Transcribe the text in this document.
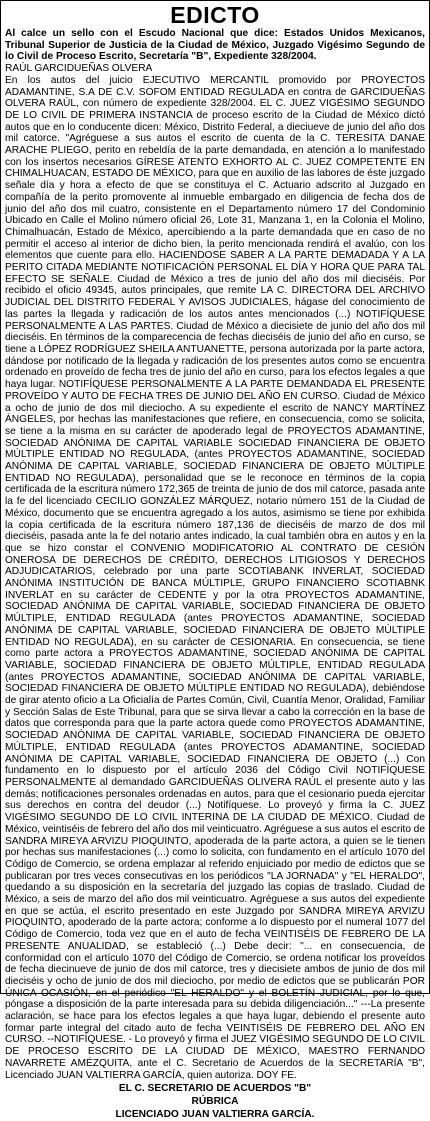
EDICTO

Al calce un sello con el Escudo Nacional que dice: Estados Unidos Mexicanos, Tribunal Superior de Justicia de la Ciudad de México, Juzgado Vigésimo Segundo de lo Civil de Proceso Escrito, Secretaría "B", Expediente 328/2004.

RAÚL GARCIDUEÑAS OLVERA

En los autos del juicio EJECUTIVO MERCANTIL promovido por PROYECTOS ADAMANTINE, S.A DE C.V. SOFOM ENTIDAD REGULADA en contra de GARCIDUEÑAS OLVERA RAÚL, con número de expediente 328/2004. EL C. JUEZ VIGÉSIMO SEGUNDO DE LO CIVIL DE PRIMERA INSTANCIA de proceso escrito de la Ciudad de México dictó autos que en lo conducente dicen: México, Distrito Federal, a dieciueve de junio del año dos mil catorce. "Agréguese a sus autos el escrito de cuenta de la C. TERESITA DANAE ARACHE PLIEGO, perito en rebeldía de la parte demandada, en atención a lo manifestado con los insertos necesarios GÍRESE ATENTO EXHORTO AL C. JUEZ COMPETENTE EN CHIMALHUACAN, ESTADO DE MÉXICO, para que en auxilio de las labores de éste juzgado señale día y hora a efecto de que se constituya el C. Actuario adscrito al Juzgado en compañía de la perito promovente al inmueble embargado en diligencia de fecha dos de junio del año dos mil cuatro, consistente en el Departamento número 17 del Condominio Ubicado en Calle el Molino número oficial 26, Lote 31, Manzana 1, en la Colonia el Molino, Chimalhuacán, Estado de México, apercibiendo a la parte demandada que en caso de no permitir el acceso al interior de dicho bien, la perito mencionada rendirá el avalúo, con los elementos que cuente para ello. HACIENDOSE SABER A LA PARTE DEMADADA Y A LA PERITO CITADA MEDIANTE NOTIFICACIÓN PERSONAL EL DÍA Y HORA QUE PARA TAL EFECTO SE SEÑALE. Ciudad de México a tres de junio del año dos mil dieciséis. Por recibido el oficio 49345, autos principales, que remite LA C. DIRECTORA DEL ARCHIVO JUDICIAL DEL DISTRITO FEDERAL Y AVISOS JUDICIALES, hágase del conocimiento de las partes la llegada y radicación de los autos antes mencionados (...) NOTIFÍQUESE PERSONALMENTE A LAS PARTES. Ciudad de México a diecisiete de junio del año dos mil dieciséis. En términos de la comparecencia de fechas dieciséis de junio del año en curso, se tiene a LÓPEZ RODRÍGUEZ SHEILA ANTUANETTE, persona autorizada por la parte actora, dándose por notificado de la llegada y radicación de los presentes autos como se encuentra ordenado en proveído de fecha tres de junio del año en curso, para los efectos legales a que haya lugar. NOTIFÍQUESE PERSONALMENTE A LA PARTE DEMANDADA EL PRESENTE PROVEÍDO Y AUTO DE FECHA TRES DE JUNIO DEL AÑO EN CURSO. Ciudad de México a ocho de junio de dos mil dieciocho. A su expediente el escrito de NANCY MARTÍNEZ ÁNGELES, por hechas las manifestaciones que refiere, en consecuencia, como se solicita, se tiene a la misma en su carácter de apoderado legal de PROYECTOS ADAMANTINE, SOCIEDAD ANÓNIMA DE CAPITAL VARIABLE SOCIEDAD FINANCIERA DE OBJETO MÚLTIPLE ENTIDAD NO REGULADA, (antes PROYECTOS ADAMANTINE, SOCIEDAD ANÓNIMA DE CAPITAL VARIABLE, SOCIEDAD FINANCIERA DE OBJETO MÚLTIPLE ENTIDAD NO REGULADA), personalidad que se le reconoce en términos de la copia certificada de la escritura número 172,365 de treinta de junio de dos mil catorce, pasada ante la fe del licenciado CECILIO GONZÁLEZ MÁRQUEZ, notario número 151 de la Ciudad de México, documento que se encuentra agregado a los autos, asimismo se tiene por exhibida la copia certificada de la escritura número 187,136 de dieciséis de marzo de dos mil dieciséis, pasada ante la fe del notario antes indicado, la cual también obra en autos y en la que se hizo constar el CONVENIO MODIFICATORIO AL CONTRATO DE CESIÓN ONEROSA DE DERECHOS DE CRÉDITO, DERECHOS LITIGIOSOS Y DERECHOS ADJUDICATARIOS, celebrado por una parte SCOTIABANK INVERLAT, SOCIEDAD ANÓNIMA INSTITUCIÓN DE BANCA MÚLTIPLE, GRUPO FINANCIERO SCOTIABNK INVERLAT en su carácter de CEDENTE y por la otra PROYECTOS ADAMANTINE, SOCIEDAD ANÓNIMA DE CAPITAL VARIABLE, SOCIEDAD FINANCIERA DE OBJETO MÚLTIPLE, ENTIDAD REGULADA (antes PROYECTOS ADAMANTINE, SOCIEDAD ANÓNIMA DE CAPITAL VARIABLE, SOCIEDAD FINANCIERA DE OBJETO MÚLTIPLE ENTIDAD NO REGULADA), en su carácter de CESIONARIA. En consecuencia, se tiene como parte actora a PROYECTOS ADAMANTINE, SOCIEDAD ANÓNIMA DE CAPITAL VARIABLE, SOCIEDAD FINANCIERA DE OBJETO MÚLTIPLE, ENTIDAD REGULADA (antes PROYECTOS ADAMANTINE, SOCIEDAD ANÓNIMA DE CAPITAL VARIABLE, SOCIEDAD FINANCIERA DE OBJETO MÚLTIPLE ENTIDAD NO REGULADA), debiéndose de girar atento oficio a La Oficialía de Partes Común, Civil, Cuantía Menor, Oralidad, Familiar y Sección Salas de Este Tribunal, para que se sirva llevar a cabo la corrección en la base de datos que corresponda para que la parte actora quede como PROYECTOS ADAMANTINE, SOCIEDAD ANÓNIMA DE CAPITAL VARIABLE, SOCIEDAD FINANCIERA DE OBJETO MÚLTIPLE, ENTIDAD REGULADA (antes PROYECTOS ADAMANTINE, SOCIEDAD ANÓNIMA DE CAPITAL VARIABLE, SOCIEDAD FINANCIERA DE OBJETO (...) Con fundamento en lo dispuesto por el artículo 2036 del Código Civil NOTIFÍQUESE PERSONALMENTE al demandado GARCIDUEÑAS OLIVERA RAÚL el presente auto y las demás; notificaciones personales ordenadas en autos, para que el cesionario pueda ejercitar sus derechos en contra del deudor (...) Notifíquese. Lo proveyó y firma la C. JUEZ VIGÉSIMO SEGUNDO DE LO CIVIL INTERINA DE LA CIUDAD DE MÉXICO. Ciudad de México, veintiséis de febrero del año dos mil veinticuatro. Agréguese a sus autos el escrito de SANDRA MIREYA ARVIZU PIOQUINTO, apoderada de la parte actora, a quien se le tienen por hechas sus manifestaciones (...) como lo solicita, con fundamento en el artículo 1070 del Código de Comercio, se ordena emplazar al referido enjuiciado por medio de edictos que se publicaran por tres veces consecutivas en los periódicos "LA JORNADA" y "EL HERALDO", quedando a su disposición en la secretaría del juzgado las copias de traslado. Ciudad de México, a seis de marzo del año dos mil veinticuatro. Agréguese a sus autos del expediente en que se actúa, el escrito presentado en este Juzgado por SANDRA MIREYA ARVIZU PIOQUINTO, apoderado de la parte actora; conforme a lo dispuesto por el numeral 1077 del Código de Comercio, toda vez que en el auto de fecha VEINTISÉIS DE FEBRERO DE LA PRESENTE ANUALIDAD, se estableció (...) Debe decir: "... en consecuencia, de conformidad con el artículo 1070 del Código de Comercio, se ordena notificar los proveídos de fecha diecinueve de junio de dos mil catorce, tres y diecisiete ambos de junio de dos mil dieciséis y ocho de junio de dos mil dieciocho, por medio de edictos que se publicarán POR ÚNICA OCASIÓN, en el periódico "EL HERALDO" y el BOLETÍN JUDICIAL, por lo que, póngase a disposición de la parte interesada para su debida diligenciación..." ---La presente aclaración, se hace para los efectos legales a que haya lugar, debiendo el presente auto formar parte integral del citado auto de fecha VEINTISÉIS DE FEBRERO DEL AÑO EN CURSO. --NOTIFÍQUESE. - Lo proveyó y firma el JUEZ VIGÉSIMO SEGUNDO DE LO CIVIL DE PROCESO ESCRITO DE LA CIUDAD DE MÉXICO, MAESTRO FERNANDO NAVARRETE AMÉZQUITA, ante el C. Secretario de Acuerdos de la SECRETARÍA "B", Licenciado JUAN VALTIERRA GARCÍA, quien autoriza. DOY FE.

EL C. SECRETARIO DE ACUERDOS "B"

RÚBRICA

LICENCIADO JUAN VALTIERRA GARCÍA.
